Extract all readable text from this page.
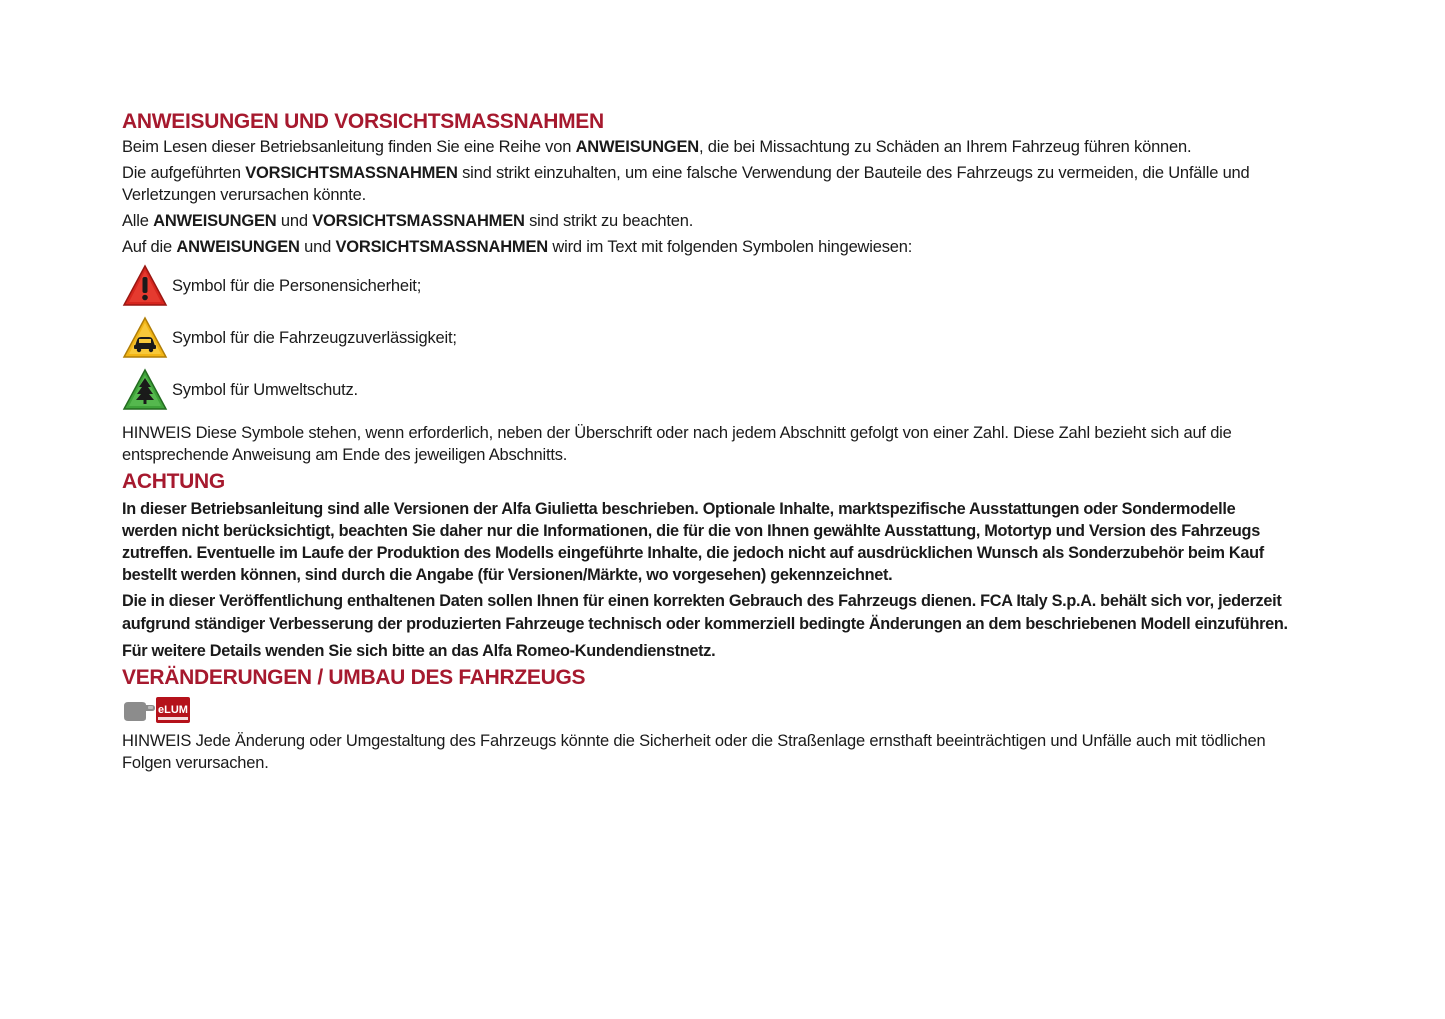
ANWEISUNGEN UND VORSICHTSMASSNAHMEN

Beim Lesen dieser Betriebsanleitung finden Sie eine Reihe von ANWEISUNGEN, die bei Missachtung zu Schäden an Ihrem Fahrzeug führen können.

Die aufgeführten VORSICHTSMASSNAHMEN sind strikt einzuhalten, um eine falsche Verwendung der Bauteile des Fahrzeugs zu vermeiden, die Unfälle und Verletzungen verursachen könnte.

Alle ANWEISUNGEN und VORSICHTSMASSNAHMEN sind strikt zu beachten.

Auf die ANWEISUNGEN und VORSICHTSMASSNAHMEN wird im Text mit folgenden Symbolen hingewiesen:

Symbol für die Personensicherheit;
Symbol für die Fahrzeugzuverlässigkeit;
Symbol für Umweltschutz.

HINWEIS Diese Symbole stehen, wenn erforderlich, neben der Überschrift oder nach jedem Abschnitt gefolgt von einer Zahl. Diese Zahl bezieht sich auf die entsprechende Anweisung am Ende des jeweiligen Abschnitts.

ACHTUNG

In dieser Betriebsanleitung sind alle Versionen der Alfa Giulietta beschrieben. Optionale Inhalte, marktspezifische Ausstattungen oder Sondermodelle werden nicht berücksichtigt, beachten Sie daher nur die Informationen, die für die von Ihnen gewählte Ausstattung, Motortyp und Version des Fahrzeugs zutreffen. Eventuelle im Laufe der Produktion des Modells eingeführte Inhalte, die jedoch nicht auf ausdrücklichen Wunsch als Sonderzubehör beim Kauf bestellt werden können, sind durch die Angabe (für Versionen/Märkte, wo vorgesehen) gekennzeichnet.

Die in dieser Veröffentlichung enthaltenen Daten sollen Ihnen für einen korrekten Gebrauch des Fahrzeugs dienen. FCA Italy S.p.A. behält sich vor, jederzeit aufgrund ständiger Verbesserung der produzierten Fahrzeuge technisch oder kommerziell bedingte Änderungen an dem beschriebenen Modell einzuführen.

Für weitere Details wenden Sie sich bitte an das Alfa Romeo-Kundendienstnetz.

VERÄNDERUNGEN / UMBAU DES FAHRZEUGS
eLUM

HINWEIS Jede Änderung oder Umgestaltung des Fahrzeugs könnte die Sicherheit oder die Straßenlage ernsthaft beeinträchtigen und Unfälle auch mit tödlichen Folgen verursachen.
